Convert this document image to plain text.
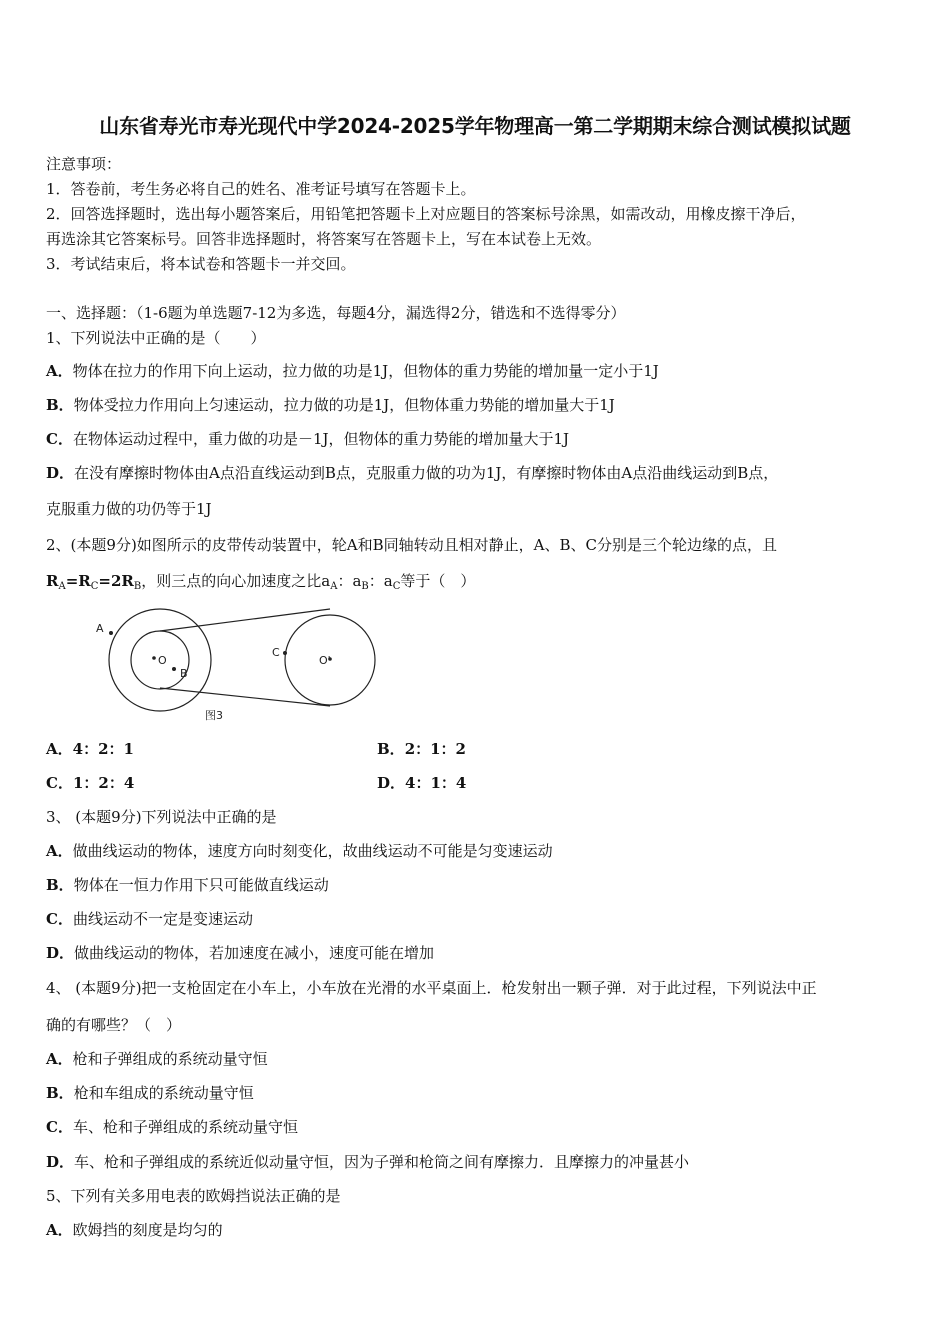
山东省寿光市寿光现代中学2024-2025学年物理高一第二学期期末综合测试模拟试题
注意事项：
1．答卷前，考生务必将自己的姓名、准考证号填写在答题卡上。
2．回答选择题时，选出每小题答案后，用铅笔把答题卡上对应题目的答案标号涂黑，如需改动，用橡皮擦干净后，
再选涂其它答案标号。回答非选择题时，将答案写在答题卡上，写在本试卷上无效。
3．考试结束后，将本试卷和答题卡一并交回。
一、选择题：（1-6题为单选题7-12为多选，每题4分，漏选得2分，错选和不选得零分）
1、下列说法中正确的是（　　）
A．物体在拉力的作用下向上运动，拉力做的功是1J，但物体的重力势能的增加量一定小于1J
B．物体受拉力作用向上匀速运动，拉力做的功是1J，但物体重力势能的增加量大于1J
C．在物体运动过程中，重力做的功是－1J，但物体的重力势能的增加量大于1J
D．在没有摩擦时物体由A点沿直线运动到B点，克服重力做的功为1J，有摩擦时物体由A点沿曲线运动到B点，
克服重力做的功仍等于1J
2、(本题9分)如图所示的皮带传动装置中，轮A和B同轴转动且相对静止，A、B、C分别是三个轮边缘的点，且
$R_A=R_C=2R_B$，则三点的向心加速度之比$a_A$：$a_B$：$a_C$等于（　）
A
B
C
O	O'
图3
A．4：2：1	B．2：1：2
C．1：2：4	D．4：1：4
3、 (本题9分)下列说法中正确的是
A．做曲线运动的物体，速度方向时刻变化，故曲线运动不可能是匀变速运动
B．物体在一恒力作用下只可能做直线运动
C．曲线运动不一定是变速运动
D．做曲线运动的物体，若加速度在减小，速度可能在增加
4、 (本题9分)把一支枪固定在小车上，小车放在光滑的水平桌面上．枪发射出一颗子弹．对于此过程，下列说法中正
确的有哪些？（　）
A．枪和子弹组成的系统动量守恒
B．枪和车组成的系统动量守恒
C．车、枪和子弹组成的系统动量守恒
D．车、枪和子弹组成的系统近似动量守恒，因为子弹和枪筒之间有摩擦力．且摩擦力的冲量甚小
5、下列有关多用电表的欧姆挡说法正确的是
A．欧姆挡的刻度是均匀的
